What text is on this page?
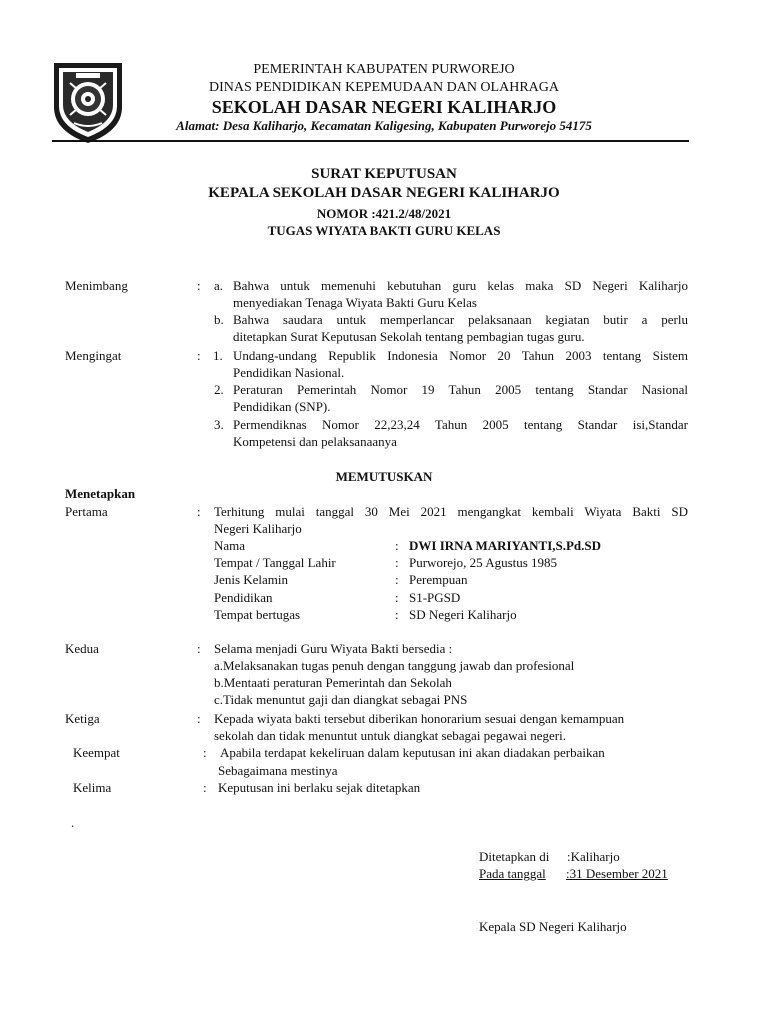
PEMERINTAH KABUPATEN PURWOREJO
DINAS PENDIDIKAN KEPEMUDAAN DAN OLAHRAGA
SEKOLAH DASAR NEGERI KALIHARJO
Alamat: Desa Kaliharjo, Kecamatan Kaligesing, Kabupaten Purworejo 54175
SURAT KEPUTUSAN
KEPALA SEKOLAH DASAR NEGERI KALIHARJO
NOMOR :421.2/48/2021
TUGAS WIYATA BAKTI GURU KELAS
Menimbang	: a. Bahwa untuk memenuhi kebutuhan guru kelas maka SD Negeri Kaliharjo
menyediakan Tenaga Wiyata Bakti Guru Kelas
b. Bahwa saudara untuk memperlancar pelaksanaan kegiatan butir a perlu
ditetapkan Surat Keputusan Sekolah tentang pembagian tugas guru.
Mengingat	: 1. Undang-undang Republik Indonesia Nomor 20 Tahun 2003 tentang Sistem
Pendidikan Nasional.
2. Peraturan Pemerintah Nomor 19 Tahun 2005 tentang Standar Nasional
Pendidikan (SNP).
3. Permendiknas Nomor 22,23,24 Tahun 2005 tentang Standar isi,Standar
Kompetensi dan pelaksanaanya
MEMUTUSKAN
Menetapkan
Pertama	: Terhitung mulai tanggal 30 Mei 2021 mengangkat kembali Wiyata Bakti SD
Negeri Kaliharjo
Nama	: DWI IRNA MARIYANTI,S.Pd.SD
Tempat / Tanggal Lahir	: Purworejo, 25 Agustus 1985
Jenis Kelamin	: Perempuan
Pendidikan	: S1-PGSD
Tempat bertugas	: SD Negeri Kaliharjo
Kedua	: Selama menjadi Guru Wiyata Bakti bersedia :
a.Melaksanakan tugas penuh dengan tanggung jawab dan profesional
b.Mentaati peraturan Pemerintah dan Sekolah
c.Tidak menuntut gaji dan diangkat sebagai PNS
Ketiga	: Kepada wiyata bakti tersebut diberikan honorarium sesuai dengan kemampuan
sekolah dan tidak menuntut untuk diangkat sebagai pegawai negeri.
Keempat	: Apabila terdapat kekeliruan dalam keputusan ini akan diadakan perbaikan
Sebagaimana mestinya
Kelima	: Keputusan ini berlaku sejak ditetapkan
.
Ditetapkan di :Kaliharjo
Pada tanggal :31 Desember 2021
Kepala SD Negeri Kaliharjo
